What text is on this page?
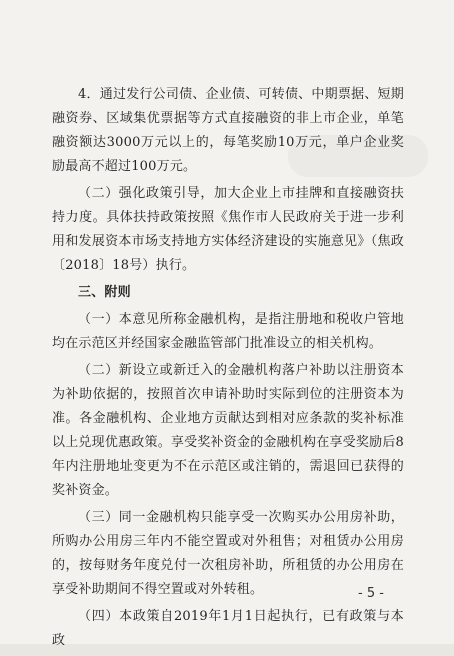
4．通过发行公司债、企业债、可转债、中期票据、短期融资券、区域集优票据等方式直接融资的非上市企业，单笔融资额达3000万元以上的，每笔奖励10万元，单户企业奖励最高不超过100万元。

（二）强化政策引导，加大企业上市挂牌和直接融资扶持力度。具体扶持政策按照《焦作市人民政府关于进一步利用和发展资本市场支持地方实体经济建设的实施意见》（焦政〔2018〕18号）执行。

三、附则

（一）本意见所称金融机构，是指注册地和税收户管地均在示范区并经国家金融监管部门批准设立的相关机构。

（二）新设立或新迁入的金融机构落户补助以注册资本为补助依据的，按照首次申请补助时实际到位的注册资本为准。各金融机构、企业地方贡献达到相对应条款的奖补标准以上兑现优惠政策。享受奖补资金的金融机构在享受奖励后8年内注册地址变更为不在示范区或注销的，需退回已获得的奖补资金。

（三）同一金融机构只能享受一次购买办公用房补助，所购办公用房三年内不能空置或对外租售；对租赁办公用房的，按每财务年度兑付一次租房补助，所租赁的办公用房在享受补助期间不得空置或对外转租。

（四）本政策自2019年1月1日起执行，已有政策与本政

- 5 -
